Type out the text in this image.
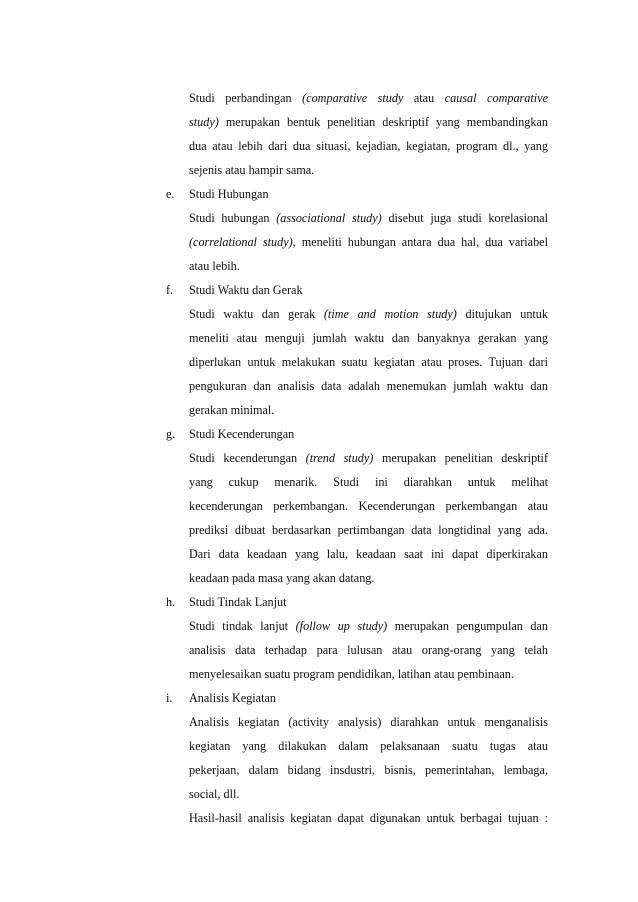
Studi perbandingan (comparative study atau causal comparative
study) merupakan bentuk penelitian deskriptif yang membandingkan
dua atau lebih dari dua situasi, kejadian, kegiatan, program dl., yang
sejenis atau hampir sama.
e. Studi Hubungan
Studi hubungan (associational study) disebut juga studi korelasional
(correlational study), meneliti hubungan antara dua hal, dua variabel
atau lebih.
f. Studi Waktu dan Gerak
Studi waktu dan gerak (time and motion study) ditujukan untuk
meneliti atau menguji jumlah waktu dan banyaknya gerakan yang
diperlukan untuk melakukan suatu kegiatan atau proses. Tujuan dari
pengukuran dan analisis data adalah menemukan jumlah waktu dan
gerakan minimal.
g. Studi Kecenderungan
Studi kecenderungan (trend study) merupakan penelitian deskriptif
yang cukup menarik. Studi ini diarahkan untuk melihat
kecenderungan perkembangan. Kecenderungan perkembangan atau
prediksi dibuat berdasarkan pertimbangan data longtidinal yang ada.
Dari data keadaan yang lalu, keadaan saat ini dapat diperkirakan
keadaan pada masa yang akan datang.
h. Studi Tindak Lanjut
Studi tindak lanjut (follow up study) merupakan pengumpulan dan
analisis data terhadap para lulusan atau orang-orang yang telah
menyelesaikan suatu program pendidikan, latihan atau pembinaan.
i. Analisis Kegiatan
Analisis kegiatan (activity analysis) diarahkan untuk menganalisis
kegiatan yang dilakukan dalam pelaksanaan suatu tugas atau
pekerjaan, dalam bidang insdustri, bisnis, pemerintahan, lembaga,
social, dll.
Hasil-hasil analisis kegiatan dapat digunakan untuk berbagai tujuan :
